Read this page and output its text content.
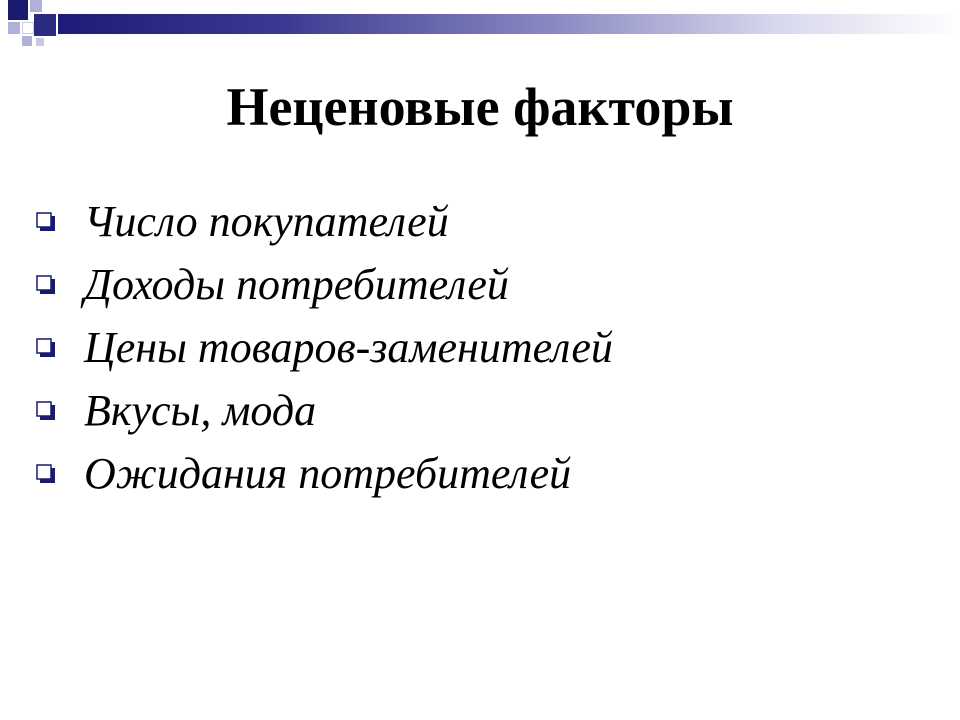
Неценовые факторы
Число покупателей
Доходы потребителей
Цены товаров-заменителей
Вкусы, мода
Ожидания потребителей
